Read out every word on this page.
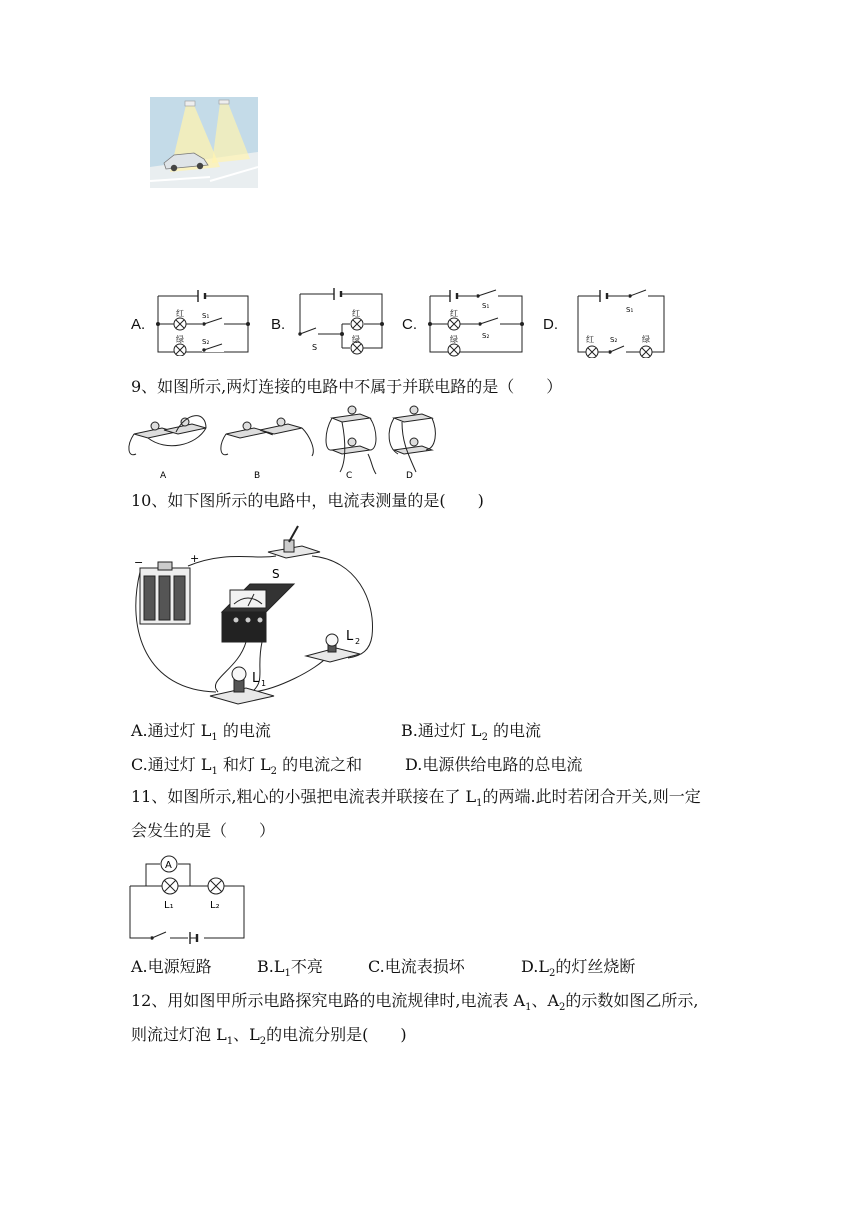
A.
红
绿
S₁
S₂
B.
红
绿
S
C.
红
绿
S₁
S₂
D.
S₁
S₂
红	绿
9、如图所示,两灯连接的电路中不属于并联电路的是（　　）
A	B	C	D
10、如下图所示的电路中，电流表测量的是(　　)
−	+
S
L 2
L 1
A.通过灯 $L_1$ 的电流	B.通过灯 $L_2$ 的电流
C.通过灯 $L_1$ 和灯 $L_2$ 的电流之和	D.电源供给电路的总电流
11、如图所示,粗心的小强把电流表并联接在了 $L_1$的两端.此时若闭合开关,则一定
会发生的是（　　）
A
L₁	L₂
A.电源短路	$B.L_1$不亮	C.电流表损坏	$D.L_2$的灯丝烧断
12、用如图甲所示电路探究电路的电流规律时,电流表 $A_1$、$A_2$的示数如图乙所示,
则流过灯泡 $L_1$、$L_2$的电流分别是(　　)
